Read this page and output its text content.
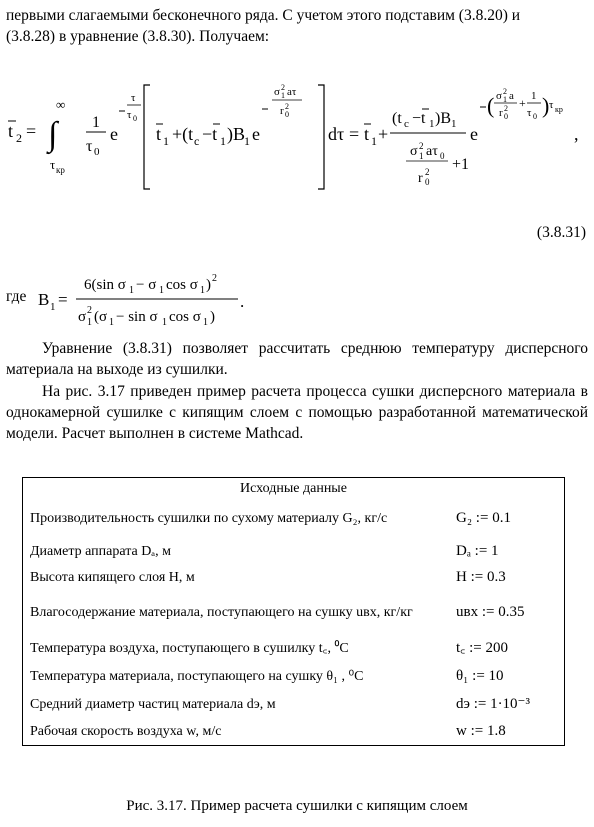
первыми слагаемыми бесконечного ряда. С учетом этого подставим (3.8.20) и

(3.8.28) в уравнение (3.8.30). Получаем:

t 2 = ∫
∞
τ кр
1
τ 0
e
τ
τ 0
t 1 +(t c −t 1 )B 1 e
σ 2
1 aτ
r 2
0
dτ = t 1 +
(t c −t 1 )B 1
σ 2
1 aτ 0
r 2
0
+1
e
( σ 2
1 a
r 2
0
+ 1
τ 0 ) τ кр
,
(3.8.31)
где B 1 =
6(sin σ 1 − σ 1 cos σ 1 ) 2
σ 2
1 (σ 1 − sin σ 1 cos σ 1 )
.

Уравнение (3.8.31) позволяет рассчитать среднюю температуру дисперсного материала на выходе из сушилки.

На рис. 3.17 приведен пример расчета процесса сушки дисперсного материала в однокамерной сушилке с кипящим слоем с помощью разработанной математической модели. Расчет выполнен в системе Mathcad.

Исходные данные
Производительность сушилки по сухому материалу G₂, кг/с	G₂ := 0.1
Диаметр аппарата Dₐ, м	Dₐ := 1
Высота кипящего слоя H, м	H := 0.3
Влагосодержание материала, поступающего на сушку uвх, кг/кг	uвх := 0.35
Температура воздуха, поступающего в сушилку t꜀, ⁰C	t꜀ := 200
Температура материала, поступающего на сушку θ₁ , ⁰C	θ₁ := 10
Средний диаметр частиц материала dэ, м	dэ := 1·10⁻³
Рабочая скорость воздуха w, м/с	w := 1.8
Рис. 3.17. Пример расчета сушилки с кипящим слоем
